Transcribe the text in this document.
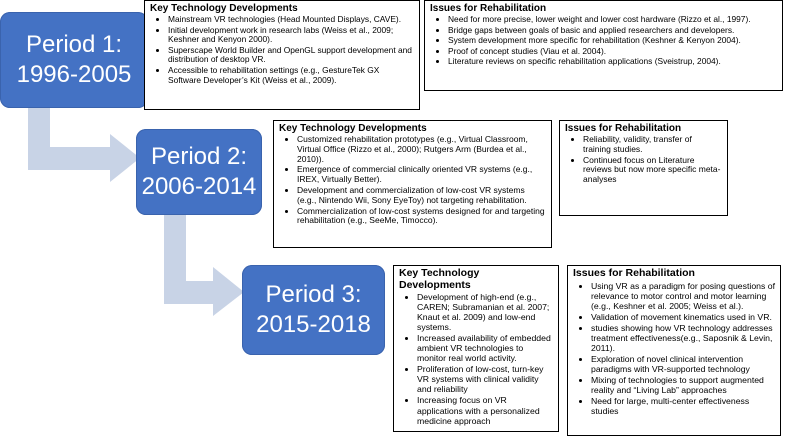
Period 1:
1996-2005
Period 2:
2006-2014
Period 3:
2015-2018
Key Technology Developments
• Mainstream VR technologies (Head Mounted Displays, CAVE).
• Initial development work in research labs (Weiss et al., 2009; Keshner and Kenyon 2000).
• Superscape World Builder and OpenGL support development and distribution of desktop VR.
• Accessible to rehabilitation settings (e.g., GestureTek GX Software Developer’s Kit (Weiss et al., 2009).
Issues for Rehabilitation
• Need for more precise, lower weight and lower cost hardware (Rizzo et al., 1997).
• Bridge gaps between goals of basic and applied researchers and developers.
• System development more specific for rehabilitation (Keshner & Kenyon 2004).
• Proof of concept studies (Viau et al. 2004).
• Literature reviews on specific rehabilitation applications (Sveistrup, 2004).
Key Technology Developments
• Customized rehabilitation prototypes (e.g., Virtual Classroom, Virtual Office (Rizzo et al., 2000); Rutgers Arm (Burdea et al., 2010)).
• Emergence of commercial clinically oriented VR systems (e.g., IREX, Virtually Better).
• Development and commercialization of low-cost VR systems (e.g., Nintendo Wii, Sony EyeToy) not targeting rehabilitation.
• Commercialization of low-cost systems designed for and targeting rehabilitation (e.g., SeeMe, Timocco).
Issues for Rehabilitation
• Reliability, validity, transfer of training studies.
• Continued focus on Literature reviews but now more specific meta-analyses
Key Technology Developments
• Development of high-end (e.g., CAREN; Subramanian et al. 2007; Knaut et al. 2009) and low-end systems.
• Increased availability of embedded ambient VR technologies to monitor real world activity.
• Proliferation of low-cost, turn-key VR systems with clinical validity and reliability
• Increasing focus on VR applications with a personalized medicine approach
Issues for Rehabilitation
• Using VR as a paradigm for posing questions of relevance to motor control and motor learning (e.g., Keshner et al. 2005; Weiss et al.).
• Validation of movement kinematics used in VR.
• studies showing how VR technology addresses treatment effectiveness(e.g., Saposnik & Levin, 2011).
• Exploration of novel clinical intervention paradigms with VR-supported technology
• Mixing of technologies to support augmented reality and “Living Lab” approaches
• Need for large, multi-center effectiveness studies
